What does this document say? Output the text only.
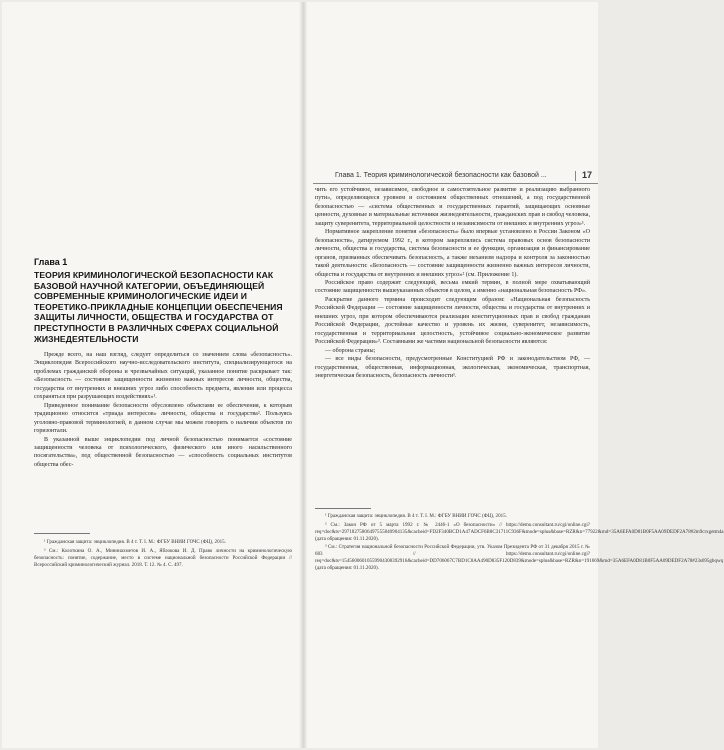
Глава 1
ТЕОРИЯ КРИМИНОЛОГИЧЕСКОЙ БЕЗОПАСНОСТИ КАК БАЗОВОЙ НАУЧНОЙ КАТЕГОРИИ, ОБЪЕДИНЯЮЩЕЙ СОВРЕМЕННЫЕ КРИМИНОЛОГИЧЕСКИЕ ИДЕИ И ТЕОРЕТИКО-ПРИКЛАДНЫЕ КОНЦЕПЦИИ ОБЕСПЕЧЕНИЯ ЗАЩИТЫ ЛИЧНОСТИ, ОБЩЕСТВА И ГОСУДАРСТВА ОТ ПРЕСТУПНОСТИ В РАЗЛИЧНЫХ СФЕРАХ СОЦИАЛЬНОЙ ЖИЗНЕДЕЯТЕЛЬНОСТИ

Прежде всего, на наш взгляд, следует определиться со значением слова «безопасность». Энциклопедия Всероссийского научно-исследовательского института, специализирующегося на проблемах гражданской обороны и чрезвычайных ситуаций, указанное понятие раскрывает так: «Безопасность — состояние защищенности жизненно важных интересов личности, общества, государства от внутренних и внешних угроз либо способность предмета, явления или процесса сохраняться при разрушающих воздействиях»¹.

Приведенное понимание безопасности обусловлено объектами ее обеспечения, к которым традиционно относится «триада интересов» личности, общества и государства². Пользуясь уголовно-правовой терминологией, в данном случае мы можем говорить о наличии объектов по горизонтали.

В указанной выше энциклопедии под личной безопасностью понимается «состояние защищенности человека от психологического, физического или иного насильственного посягательства», под общественной безопасностью — «способность социальных институтов общества обес-

¹ Гражданская защита: энциклопедия. В 4 т. Т. I. М.: ФГБУ ВНИИ ГОЧС (ФЦ), 2015.

² См.: Колоткина О. А., Минниахметов И. А., Яблокова И. Д. Право личности на криминологическую безопасность: понятие, содержание, место в системе национальной безопасности Российской Федерации // Всероссийский криминологический журнал. 2018. Т. 12. № 4. С. 497.

Глава 1. Теория криминологической безопасности как базовой ...	17

чить его устойчивое, независимое, свободное и самостоятельное развитие и реализацию выбранного пути», определяющееся уровнем и состоянием общественных отношений, а под государственной безопасностью — «система общественных и государственных гарантий, защищающих основные ценности, духовные и материальные источники жизнедеятельности, гражданских прав и свобод человека, защиту суверенитета, территориальной целостности и независимости от внешних и внутренних угроз»¹.

Нормативное закрепление понятия «безопасность» было впервые установлено в России Законом «О безопасности», датируемом 1992 г., в котором закреплялись система правовых основ безопасности личности, общества и государства, система безопасности и ее функции, организация и финансирование органов, призванных обеспечивать безопасность, а также механизм надзора и контроля за законностью такой деятельности: «Безопасность — состояние защищенности жизненно важных интересов личности, общества и государства от внутренних и внешних угроз»² (см. Приложение 1).

Российское право содержит следующий, весьма емкий термин, в полной мере охватывающий состояние защищенности вышеуказанных объектов в целом, а именно «национальная безопасность РФ».

Раскрытие данного термина происходит следующим образом: «Национальная безопасность Российской Федерации — состояние защищенности личности, общества и государства от внутренних и внешних угроз, при котором обеспечиваются реализация конституционных прав и свобод гражданам Российской Федерации, достойные качество и уровень их жизни, суверенитет, независимость, государственная и территориальная целостность, устойчивое социально-экономическое развитие Российской Федерации»³. Составными же частями национальной безопасности являются:

— оборона страны;
— все виды безопасности, предусмотренные Конституцией РФ и законодательством РФ, — государственная, общественная, информационная, экологическая, экономическая, транспортная, энергетическая безопасность, безопасность личности¹.

¹ Гражданская защита: энциклопедия. В 4 т. Т. I. М.: ФГБУ ВНИИ ГОЧС (ФЦ), 2015.

² См.: Закон РФ от 5 марта 1992 г. № 2446-1 «О безопасности» // https://demo.consultant.ru/cgi/online.cgi?req=doc&ts=29718275806497555840904135&cacheid=FD2F340BCD1A47ADCF6B8C31711C936F&mode=splus&base=RZR&n=77922&rnd=35A6EFA0D81B0F5AA09DEDF2A78#2m9crxgetm4a (дата обращения: 01.11.2020).

³ См.: Стратегия национальной безопасности Российской Федерации, утв. Указом Президента РФ от 31 декабря 2015 г. № 683 // https://demo.consultant.ru/cgi/online.cgi?req=doc&ts=15456006010559904308392916&cacheid=DD706067C7BD1C8AA490D835F120D839&mode=splus&base=RZR&n=191669&rnd=35A6EFA0D81B0F5AA09DEDF2A78#23s695gbqwq (дата обращения: 01.11.2020).
